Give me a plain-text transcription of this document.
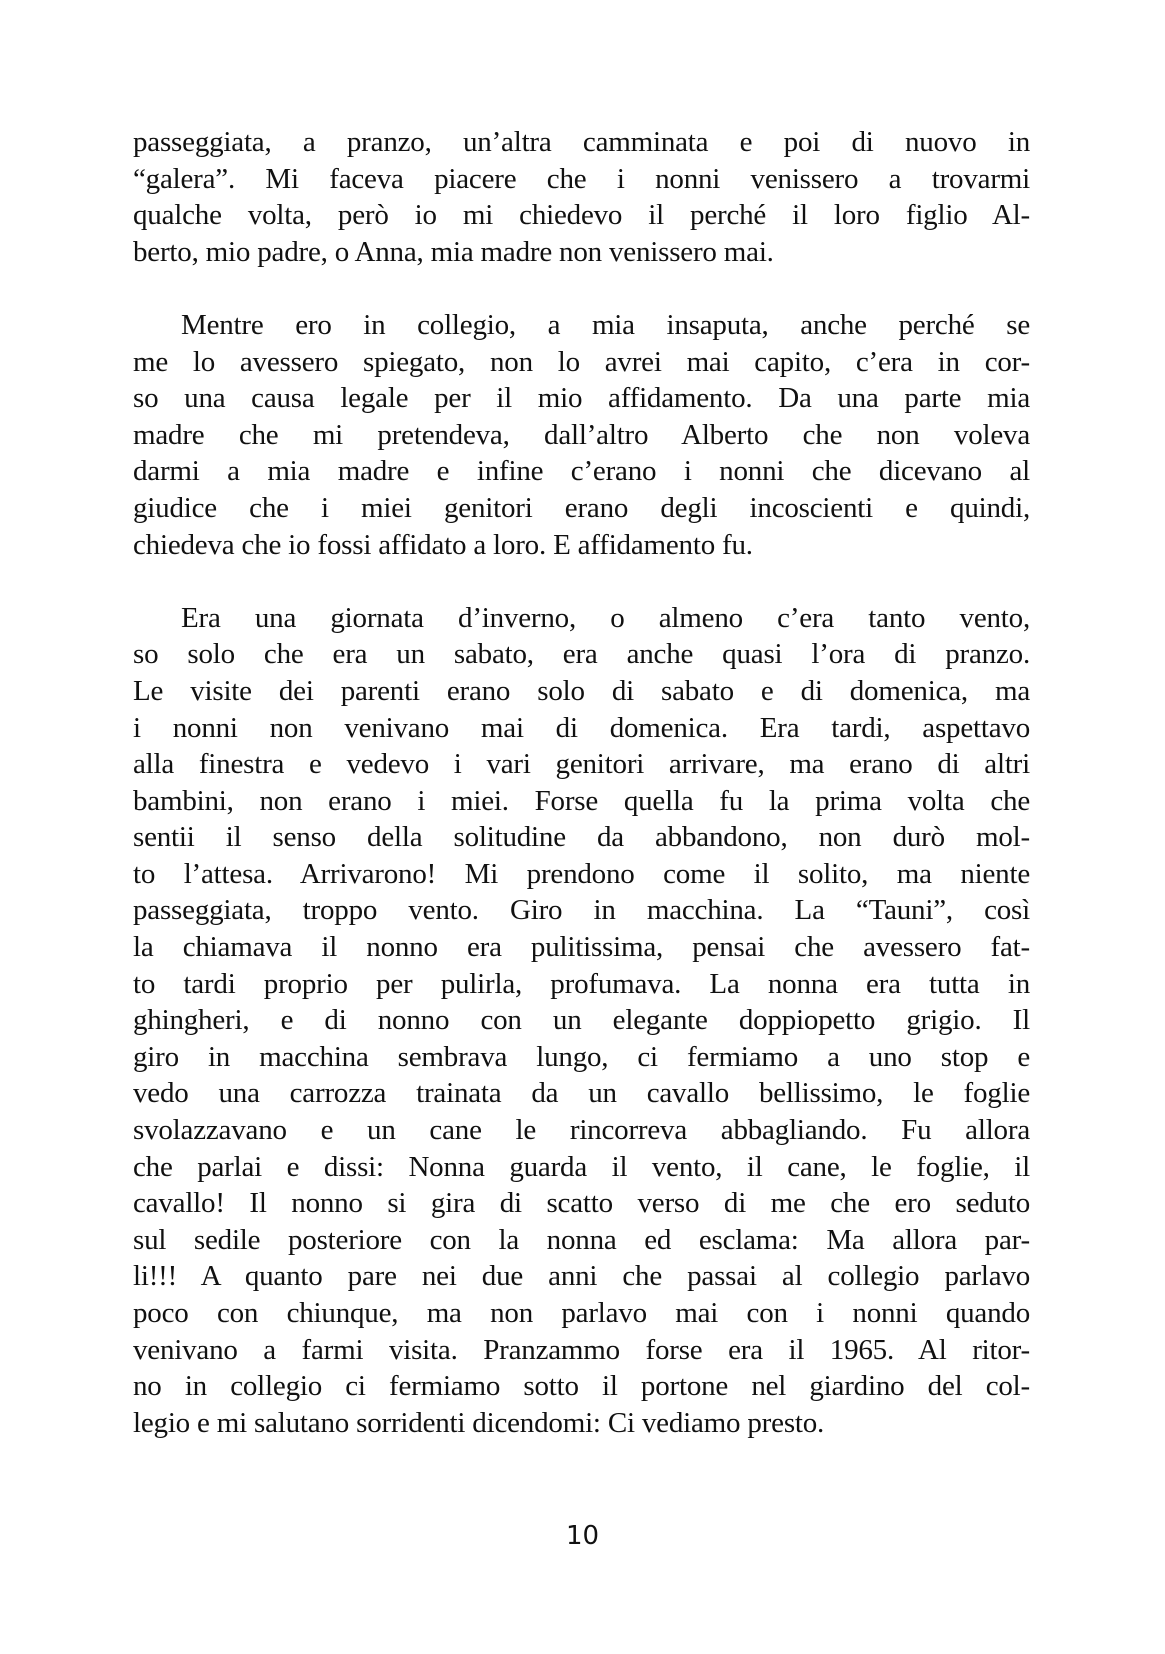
passeggiata, a pranzo, un’altra camminata e poi di nuovo in
“galera”. Mi faceva piacere che i nonni venissero a trovarmi
qualche volta, però io mi chiedevo il perché il loro figlio Al-
berto, mio padre, o Anna, mia madre non venissero mai.
Mentre ero in collegio, a mia insaputa, anche perché se
me lo avessero spiegato, non lo avrei mai capito, c’era in cor-
so una causa legale per il mio affidamento. Da una parte mia
madre che mi pretendeva, dall’altro Alberto che non voleva
darmi a mia madre e infine c’erano i nonni che dicevano al
giudice che i miei genitori erano degli incoscienti e quindi,
chiedeva che io fossi affidato a loro. E affidamento fu.
Era una giornata d’inverno, o almeno c’era tanto vento,
so solo che era un sabato, era anche quasi l’ora di pranzo.
Le visite dei parenti erano solo di sabato e di domenica, ma
i nonni non venivano mai di domenica. Era tardi, aspettavo
alla finestra e vedevo i vari genitori arrivare, ma erano di altri
bambini, non erano i miei. Forse quella fu la prima volta che
sentii il senso della solitudine da abbandono, non durò mol-
to l’attesa. Arrivarono! Mi prendono come il solito, ma niente
passeggiata, troppo vento. Giro in macchina. La “Tauni”, così
la chiamava il nonno era pulitissima, pensai che avessero fat-
to tardi proprio per pulirla, profumava. La nonna era tutta in
ghingheri, e di nonno con un elegante doppiopetto grigio. Il
giro in macchina sembrava lungo, ci fermiamo a uno stop e
vedo una carrozza trainata da un cavallo bellissimo, le foglie
svolazzavano e un cane le rincorreva abbagliando. Fu allora
che parlai e dissi: Nonna guarda il vento, il cane, le foglie, il
cavallo! Il nonno si gira di scatto verso di me che ero seduto
sul sedile posteriore con la nonna ed esclama: Ma allora par-
li!!! A quanto pare nei due anni che passai al collegio parlavo
poco con chiunque, ma non parlavo mai con i nonni quando
venivano a farmi visita. Pranzammo forse era il 1965. Al ritor-
no in collegio ci fermiamo sotto il portone nel giardino del col-
legio e mi salutano sorridenti dicendomi: Ci vediamo presto.
10
